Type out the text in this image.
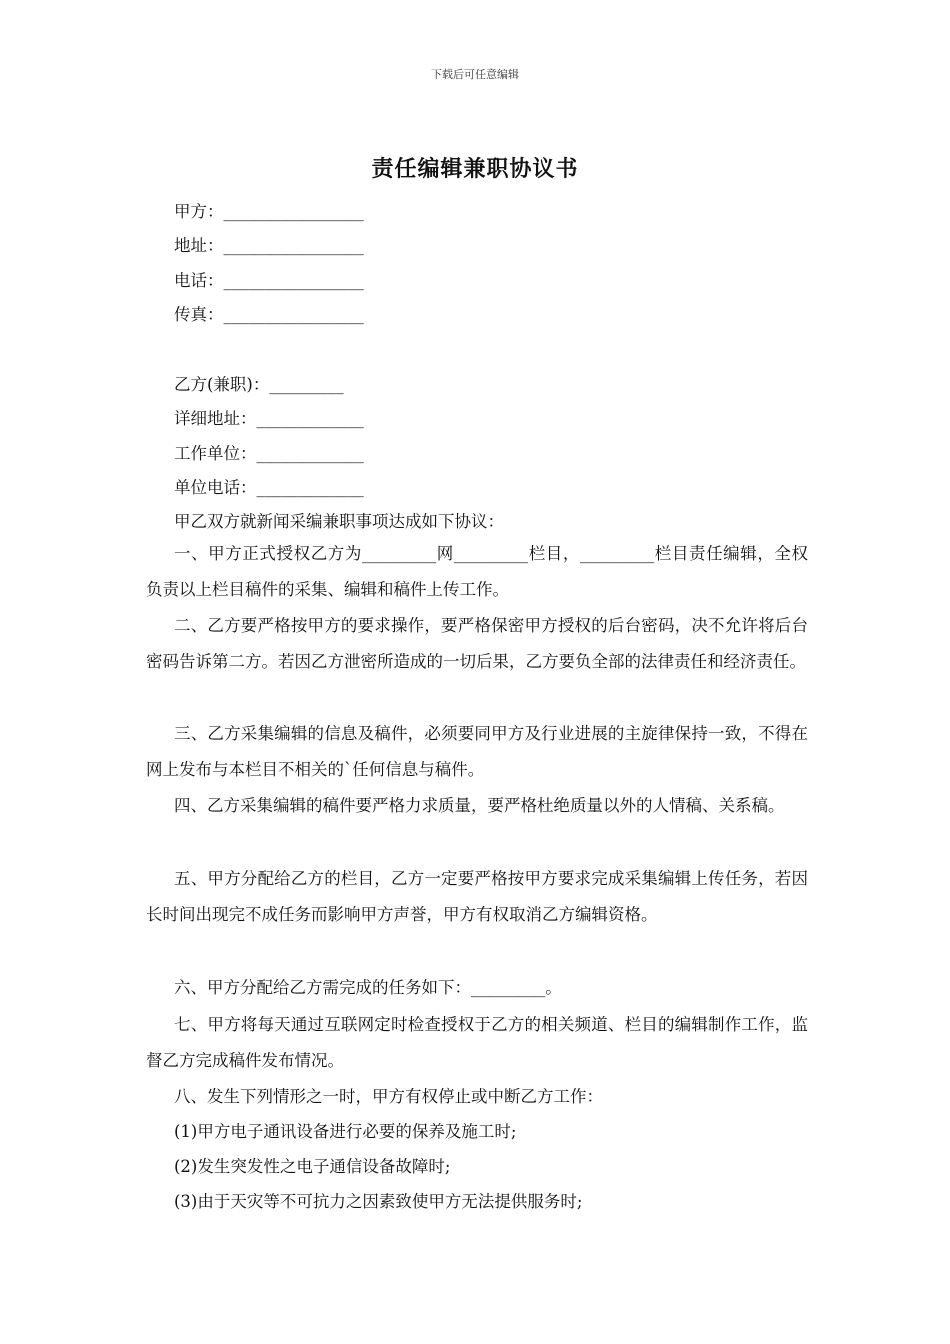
下载后可任意编辑
责任编辑兼职协议书
甲方：_________________
地址：_________________
电话：_________________
传真：_________________
乙方(兼职)：_________
详细地址：_____________
工作单位：_____________
单位电话：_____________
甲乙双方就新闻采编兼职事项达成如下协议：
一、甲方正式授权乙方为_________网_________栏目，_________栏目责任编辑，全权负责以上栏目稿件的采集、编辑和稿件上传工作。
二、乙方要严格按甲方的要求操作，要严格保密甲方授权的后台密码，决不允许将后台密码告诉第二方。若因乙方泄密所造成的一切后果，乙方要负全部的法律责任和经济责任。
三、乙方采集编辑的信息及稿件，必须要同甲方及行业进展的主旋律保持一致，不得在网上发布与本栏目不相关的`任何信息与稿件。
四、乙方采集编辑的稿件要严格力求质量，要严格杜绝质量以外的人情稿、关系稿。
五、甲方分配给乙方的栏目，乙方一定要严格按甲方要求完成采集编辑上传任务，若因长时间出现完不成任务而影响甲方声誉，甲方有权取消乙方编辑资格。
六、甲方分配给乙方需完成的任务如下：_________。
七、甲方将每天通过互联网定时检查授权于乙方的相关频道、栏目的编辑制作工作，监督乙方完成稿件发布情况。
八、发生下列情形之一时，甲方有权停止或中断乙方工作：
(1)甲方电子通讯设备进行必要的保养及施工时;
(2)发生突发性之电子通信设备故障时;
(3)由于天灾等不可抗力之因素致使甲方无法提供服务时;
